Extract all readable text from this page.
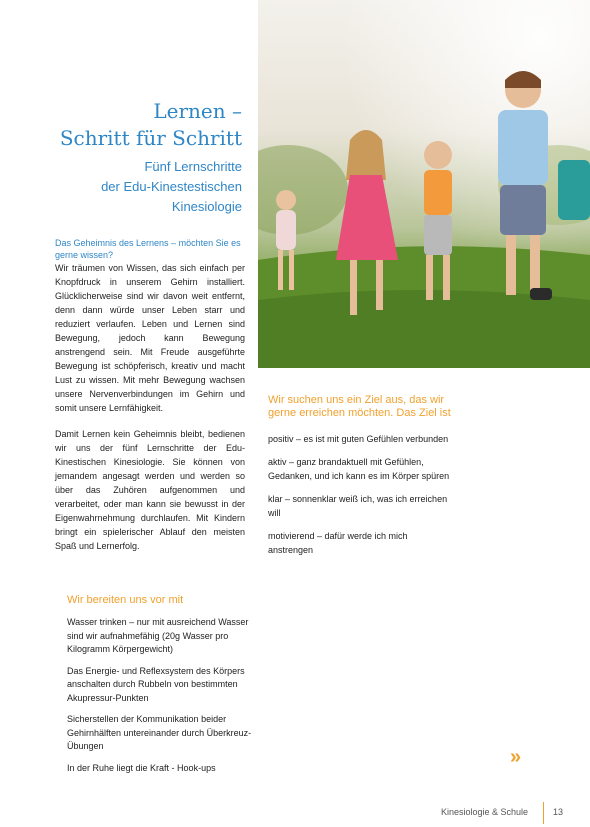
Lernen –
Schritt für Schritt
Fünf Lernschritte
der Edu-Kinestestischen
Kinesiologie
Das Geheimnis des Lernens – möchten Sie es gerne wissen?

Wir träumen von Wissen, das sich einfach per Knopfdruck in unserem Gehirn installiert. Glücklicherweise sind wir davon weit entfernt, denn dann würde unser Leben starr und reduziert verlaufen. Leben und Lernen sind Bewegung, jedoch kann Bewegung anstrengend sein. Mit Freude ausgeführte Bewegung ist schöpferisch, kreativ und macht Lust zu wissen. Mit mehr Bewegung wachsen unsere Nervenverbindungen im Gehirn und somit unsere Lernfähigkeit.

Damit Lernen kein Geheimnis bleibt, bedienen wir uns der fünf Lernschritte der Edu-Kinestischen Kinesiologie. Sie können von jemandem angesagt werden und werden so über das Zuhören aufgenommen und verarbeitet, oder man kann sie bewusst in der Eigenwahrnehmung durchlaufen. Mit Kindern bringt ein spielerischer Ablauf den meisten Spaß und Lernerfolg.

Wir bereiten uns vor mit
Wasser trinken – nur mit ausreichend Wasser sind wir aufnahmefähig (20g Wasser pro Kilogramm Körpergewicht)
Das Energie- und Reflexsystem des Körpers anschalten durch Rubbeln von bestimmten Akupressur-Punkten
Sicherstellen der Kommunikation beider Gehirnhälften untereinander durch Überkreuz-Übungen
In der Ruhe liegt die Kraft - Hook-ups
Wir suchen uns ein Ziel aus, das wir gerne erreichen möchten. Das Ziel ist
positiv – es ist mit guten Gefühlen verbunden
aktiv – ganz brandaktuell mit Gefühlen, Gedanken, und ich kann es im Körper spüren
klar – sonnenklar weiß ich, was ich erreichen will
motivierend – dafür werde ich mich anstrengen
»
Kinesiologie & Schule	13
